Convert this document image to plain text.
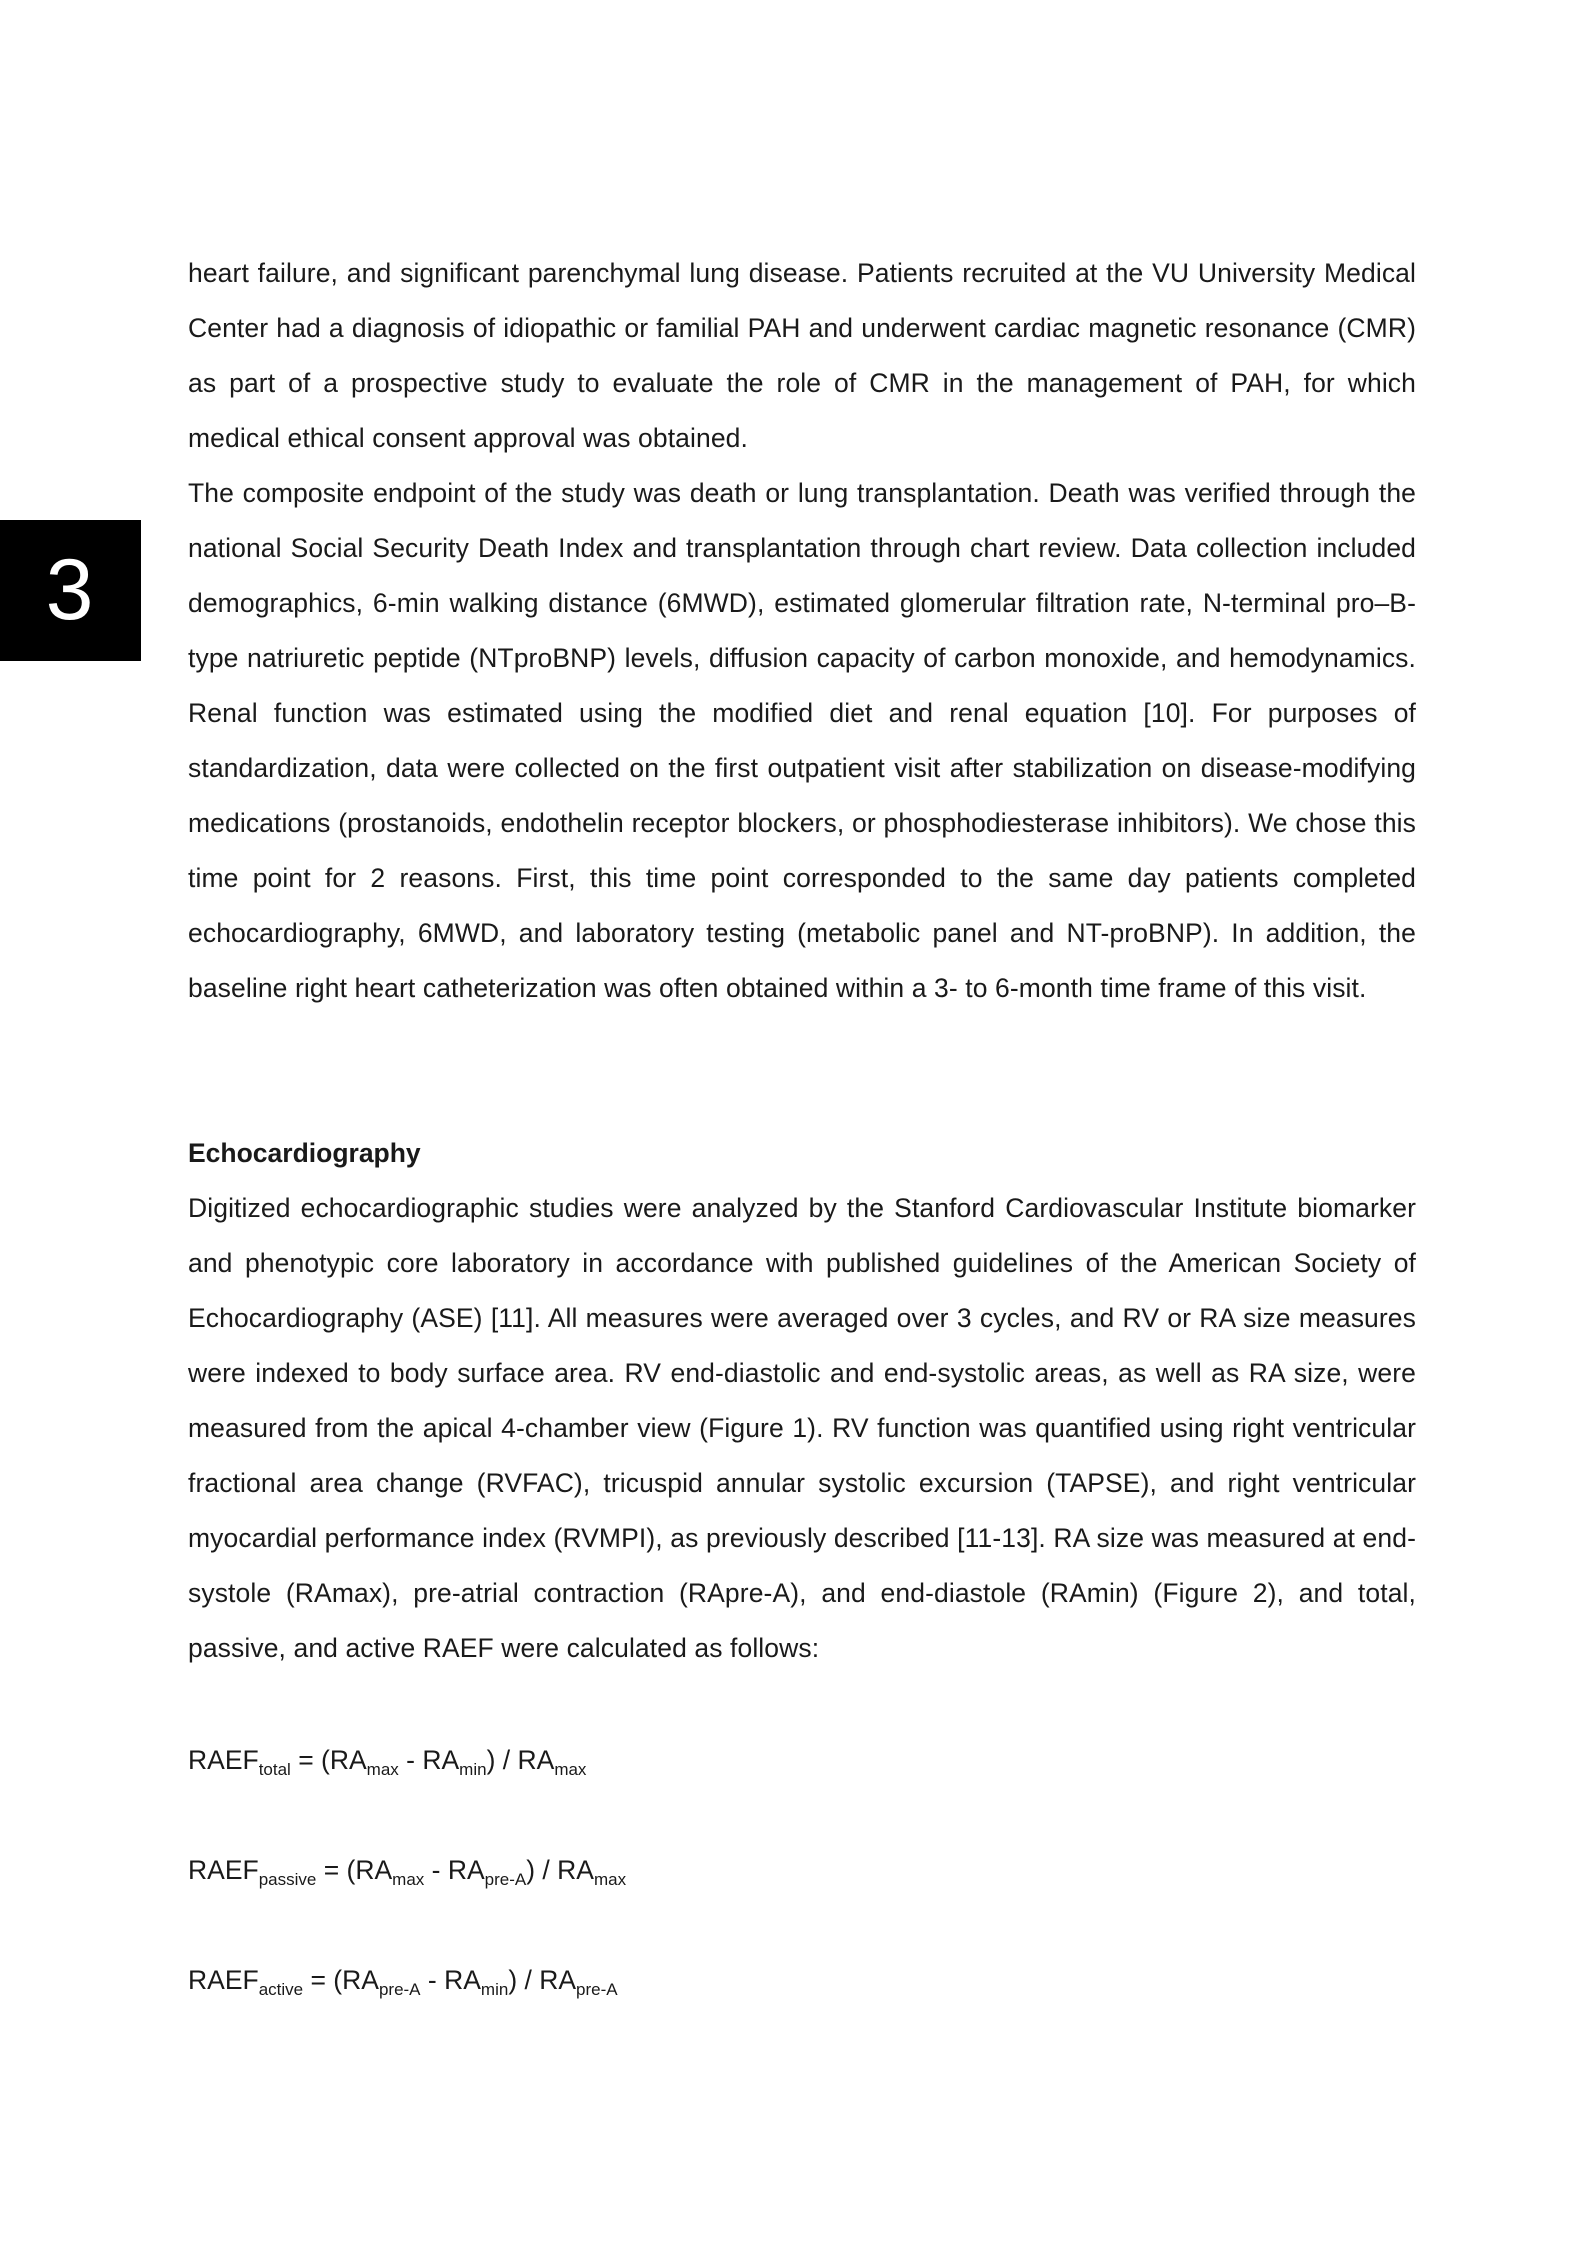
3

heart failure, and significant parenchymal lung disease. Patients recruited at the VU University Medical Center had a diagnosis of idiopathic or familial PAH and underwent cardiac magnetic resonance (CMR) as part of a prospective study to evaluate the role of CMR in the management of PAH, for which medical ethical consent approval was obtained.

The composite endpoint of the study was death or lung transplantation. Death was verified through the national Social Security Death Index and transplantation through chart review. Data collection included demographics, 6-min walking distance (6MWD), estimated glomerular filtration rate, N-terminal pro–B-type natriuretic peptide (NTproBNP) levels, diffusion capacity of carbon monoxide, and hemodynamics. Renal function was estimated using the modified diet and renal equation [10]. For purposes of standardization, data were collected on the first outpatient visit after stabilization on disease-modifying medications (prostanoids, endothelin receptor blockers, or phosphodiesterase inhibitors). We chose this time point for 2 reasons. First, this time point corresponded to the same day patients completed echocardiography, 6MWD, and laboratory testing (metabolic panel and NT-proBNP). In addition, the baseline right heart catheterization was often obtained within a 3- to 6-month time frame of this visit.

Echocardiography

Digitized echocardiographic studies were analyzed by the Stanford Cardiovascular Institute biomarker and phenotypic core laboratory in accordance with published guidelines of the American Society of Echocardiography (ASE) [11]. All measures were averaged over 3 cycles, and RV or RA size measures were indexed to body surface area. RV end-diastolic and end-systolic areas, as well as RA size, were measured from the apical 4-chamber view (Figure 1). RV function was quantified using right ventricular fractional area change (RVFAC), tricuspid annular systolic excursion (TAPSE), and right ventricular myocardial performance index (RVMPI), as previously described [11-13]. RA size was measured at end-systole (RAmax), pre-atrial contraction (RApre-A), and end-diastole (RAmin) (Figure 2), and total, passive, and active RAEF were calculated as follows:

$RAEF_{total} = (RA_{max} - RA_{min}) / RA_{max}$
$RAEF_{passive} = (RA_{max} - RA_{pre-A}) / RA_{max}$
$RAEF_{active} = (RA_{pre-A} - RA_{min}) / RA_{pre-A}$
